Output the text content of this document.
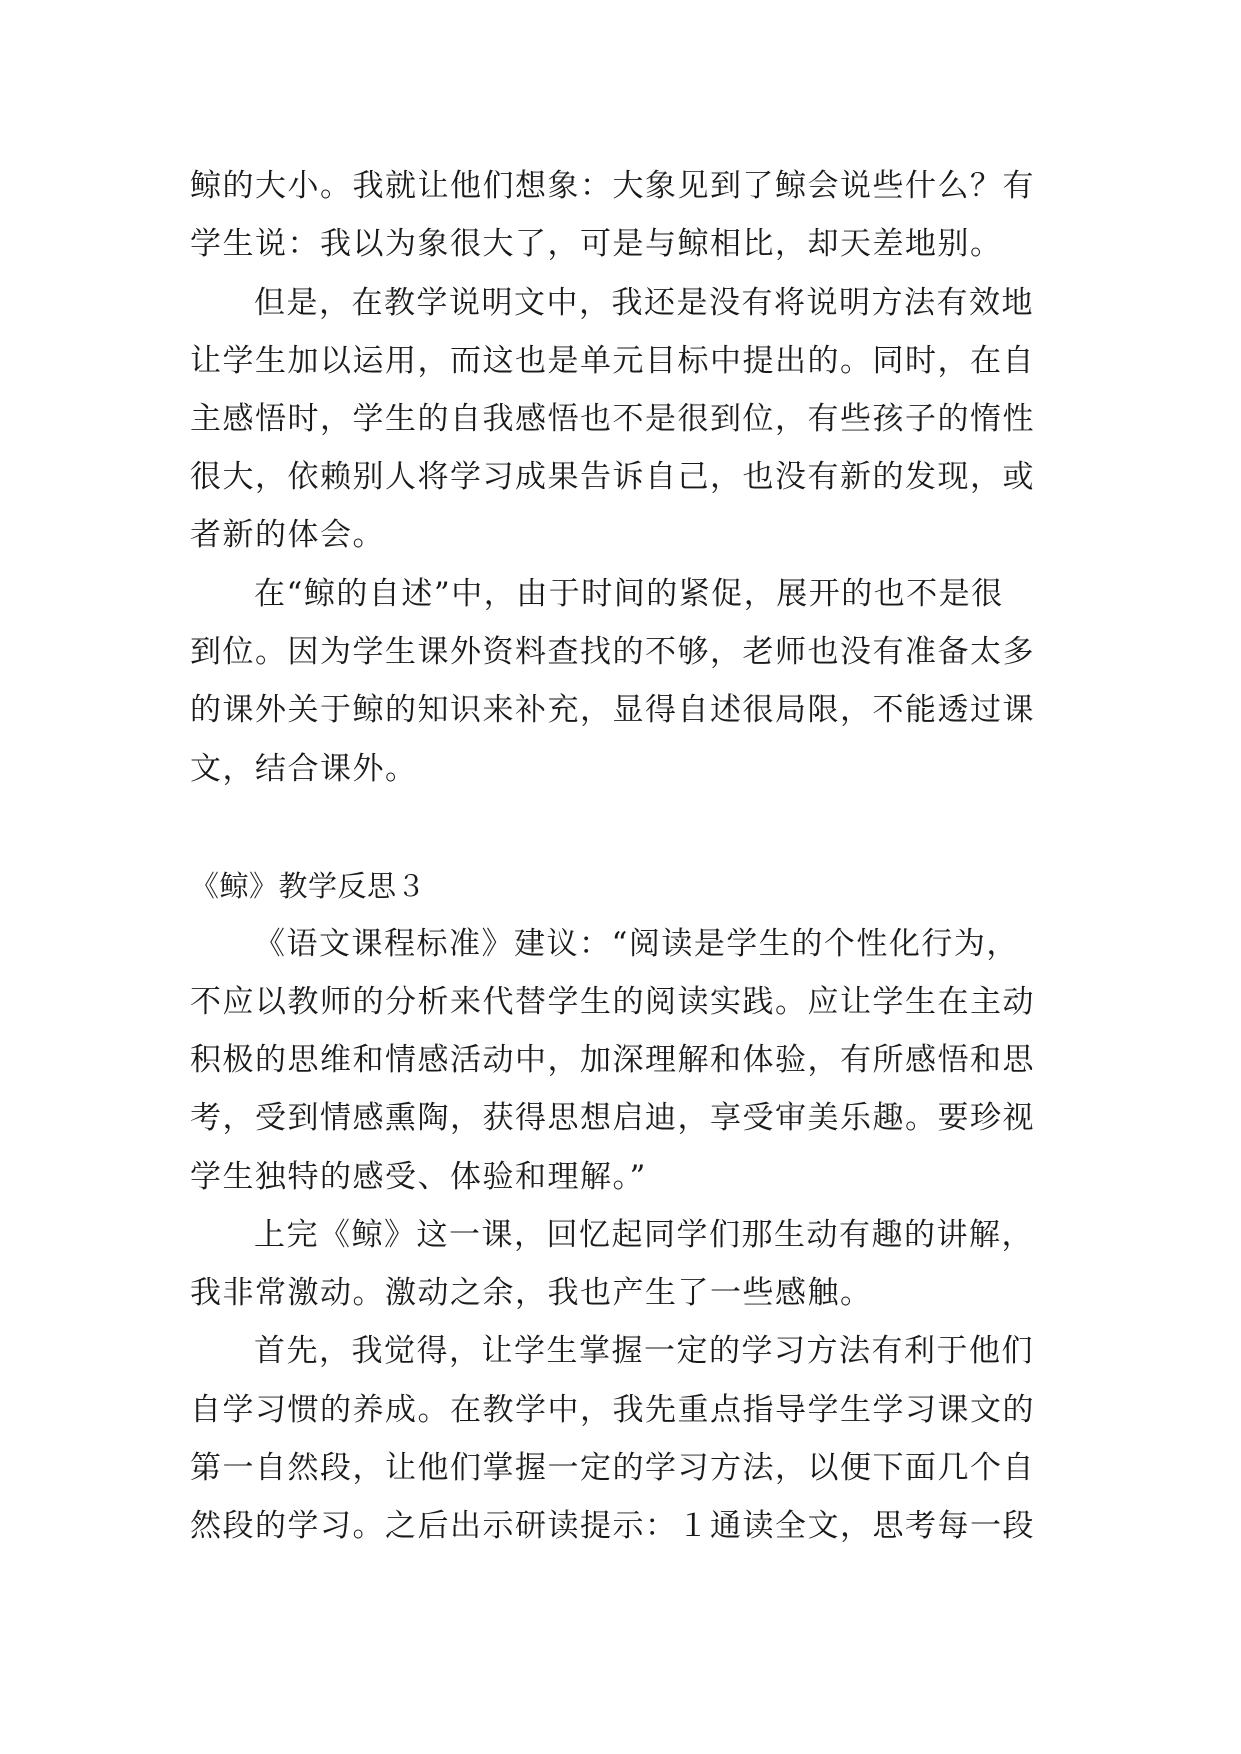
鲸的大小。我就让他们想象：大象见到了鲸会说些什么？有
学生说：我以为象很大了，可是与鲸相比，却天差地别。
但是，在教学说明文中，我还是没有将说明方法有效地
让学生加以运用，而这也是单元目标中提出的。同时，在自
主感悟时，学生的自我感悟也不是很到位，有些孩子的惰性
很大，依赖别人将学习成果告诉自己，也没有新的发现，或
者新的体会。
在“鲸的自述”中，由于时间的紧促，展开的也不是很
到位。因为学生课外资料查找的不够，老师也没有准备太多
的课外关于鲸的知识来补充，显得自述很局限，不能透过课
文，结合课外。
《鲸》教学反思３
《语文课程标准》建议：“阅读是学生的个性化行为，
不应以教师的分析来代替学生的阅读实践。应让学生在主动
积极的思维和情感活动中，加深理解和体验，有所感悟和思
考，受到情感熏陶，获得思想启迪，享受审美乐趣。要珍视
学生独特的感受、体验和理解。”
上完《鲸》这一课，回忆起同学们那生动有趣的讲解，
我非常激动。激动之余，我也产生了一些感触。
首先，我觉得，让学生掌握一定的学习方法有利于他们
自学习惯的养成。在教学中，我先重点指导学生学习课文的
第一自然段，让他们掌握一定的学习方法，以便下面几个自
然段的学习。之后出示研读提示：１通读全文，思考每一段
